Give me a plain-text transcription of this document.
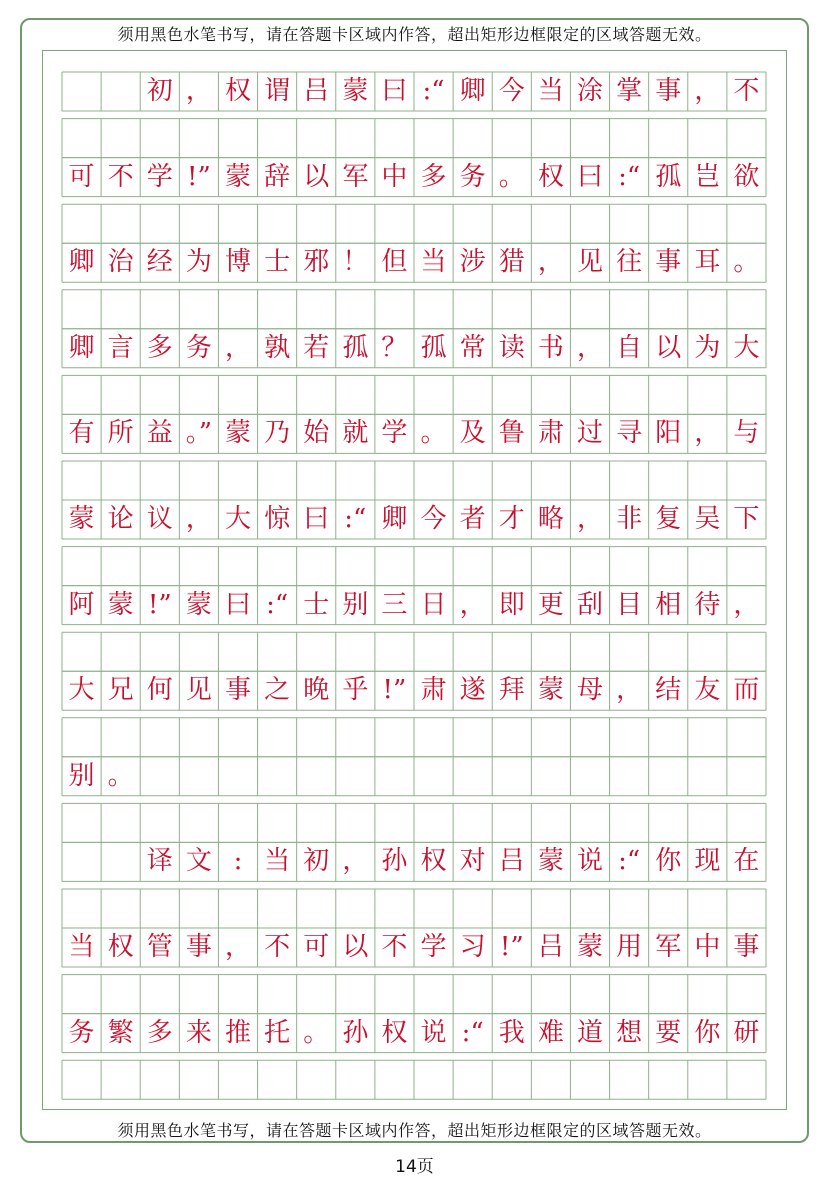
须用黑色水笔书写，请在答题卡区域内作答，超出矩形边框限定的区域答题无效。
初 ， 权 谓 吕 蒙 曰 :“ 卿 今 当 涂 掌 事 ， 不
可 不 学 !” 蒙 辞 以 军 中 多 务 。 权 曰 :“ 孤 岂 欲
卿 治 经 为 博 士 邪 ！ 但 当 涉 猎 ， 见 往 事 耳 。
卿 言 多 务 ， 孰 若 孤 ？ 孤 常 读 书 ， 自 以 为 大
有 所 益 。” 蒙 乃 始 就 学 。 及 鲁 肃 过 寻 阳 ， 与
蒙 论 议 ， 大 惊 曰 :“ 卿 今 者 才 略 ， 非 复 吴 下
阿 蒙 !” 蒙 曰 :“ 士 别 三 日 ， 即 更 刮 目 相 待 ，
大 兄 何 见 事 之 晚 乎 !” 肃 遂 拜 蒙 母 ， 结 友 而
别 。
译 文 : 当 初 ， 孙 权 对 吕 蒙 说 :“ 你 现 在
当 权 管 事 ， 不 可 以 不 学 习 !” 吕 蒙 用 军 中 事
务 繁 多 来 推 托 。 孙 权 说 :“ 我 难 道 想 要 你 研
须用黑色水笔书写，请在答题卡区域内作答，超出矩形边框限定的区域答题无效。
14页
